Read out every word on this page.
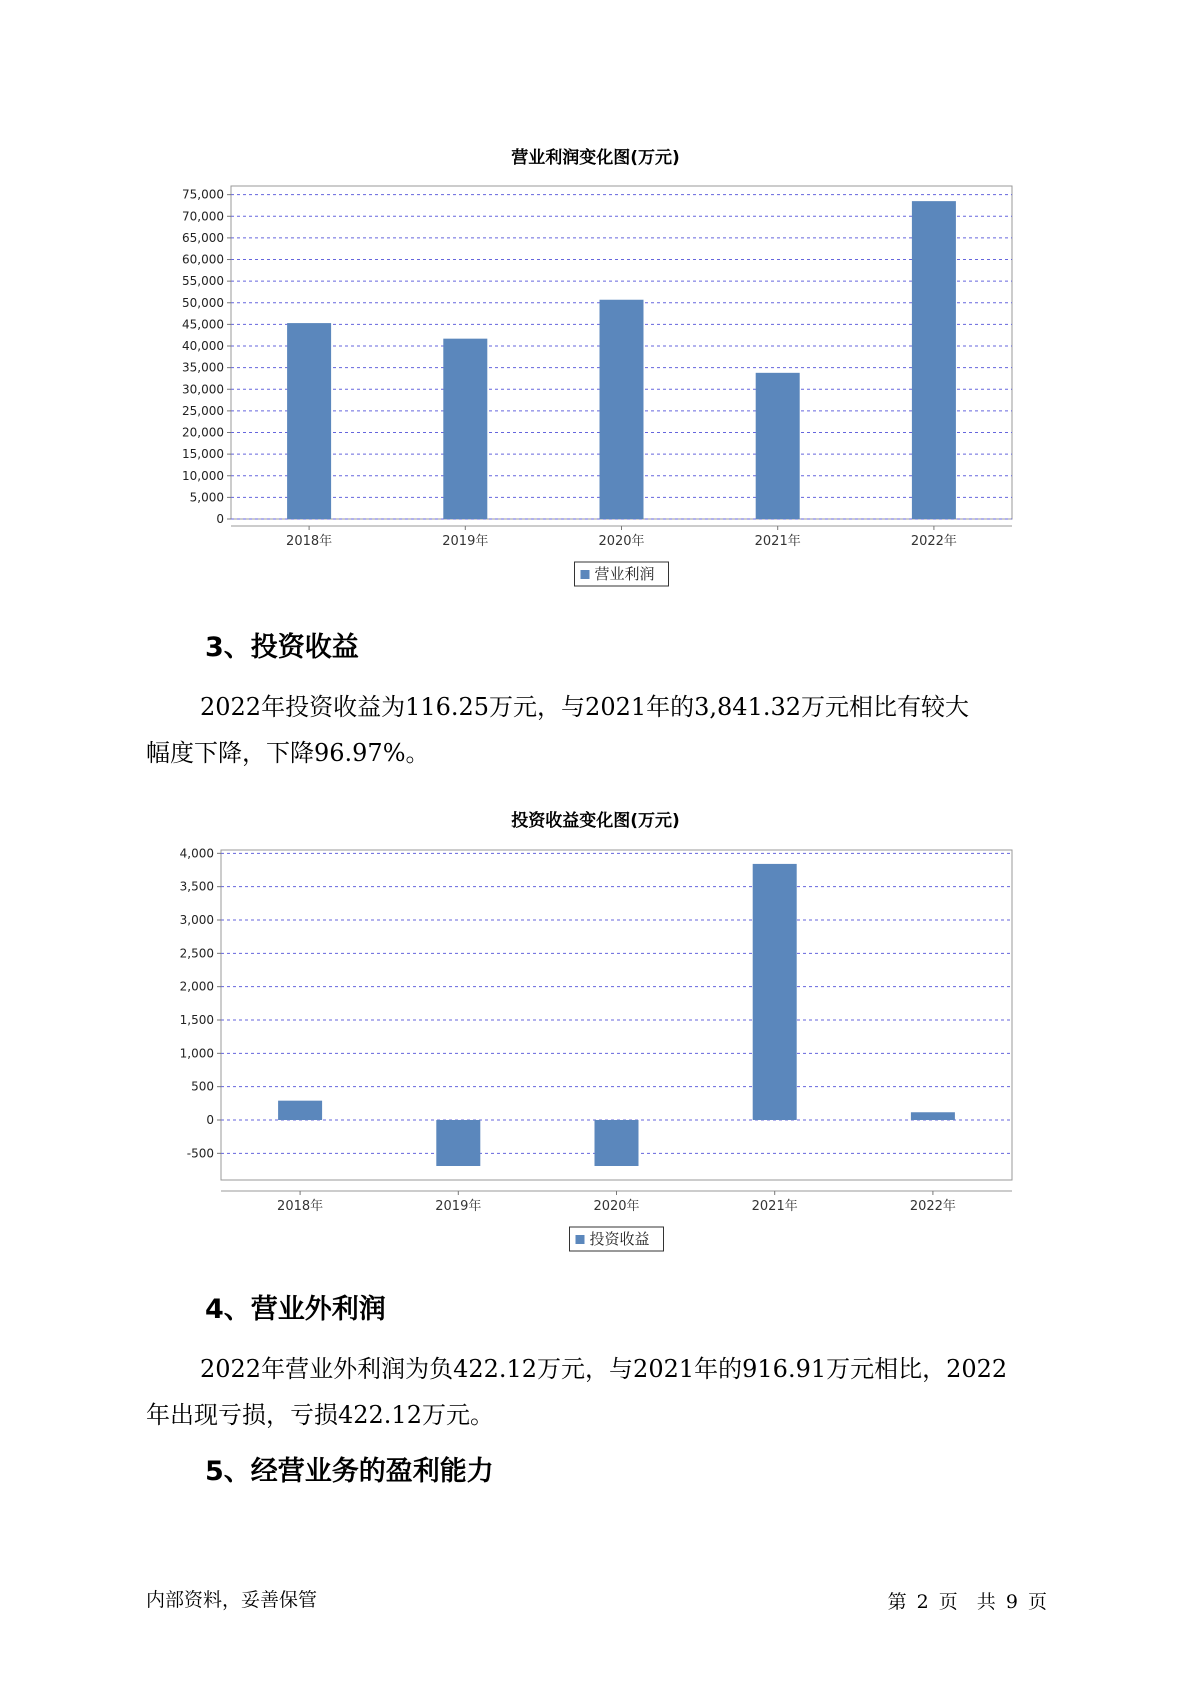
营业利润变化图(万元)
0
5,000
10,000
15,000
20,000
25,000
30,000
35,000
40,000
45,000
50,000
55,000
60,000
65,000
70,000
75,000
2018年	2019年	2020年	2021年	2022年
营业利润
3、投资收益
2022年投资收益为116.25万元，与2021年的3,841.32万元相比有较大
幅度下降，下降96.97%。
投资收益变化图(万元)
-500
0
500
1,000
1,500
2,000
2,500
3,000
3,500
4,000
2018年	2019年	2020年	2021年	2022年
投资收益
4、营业外利润
2022年营业外利润为负422.12万元，与2021年的916.91万元相比，2022
年出现亏损，亏损422.12万元。
5、经营业务的盈利能力
内部资料，妥善保管	第 2 页　共 9 页
